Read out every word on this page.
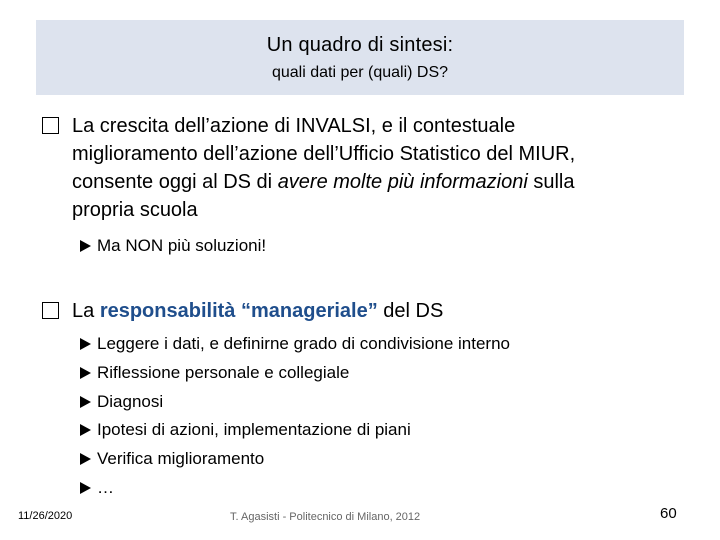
Un quadro di sintesi:
quali dati per (quali) DS?
La crescita dell’azione di INVALSI, e il contestuale
miglioramento dell’azione dell’Ufficio Statistico del MIUR,
consente oggi al DS di avere molte più informazioni sulla
propria scuola
Ma NON più soluzioni!
La responsabilità “manageriale” del DS
Leggere i dati, e definirne grado di condivisione interno
Riflessione personale e collegiale
Diagnosi
Ipotesi di azioni, implementazione di piani
Verifica miglioramento
…
11/26/2020	T. Agasisti - Politecnico di Milano, 2012	60
